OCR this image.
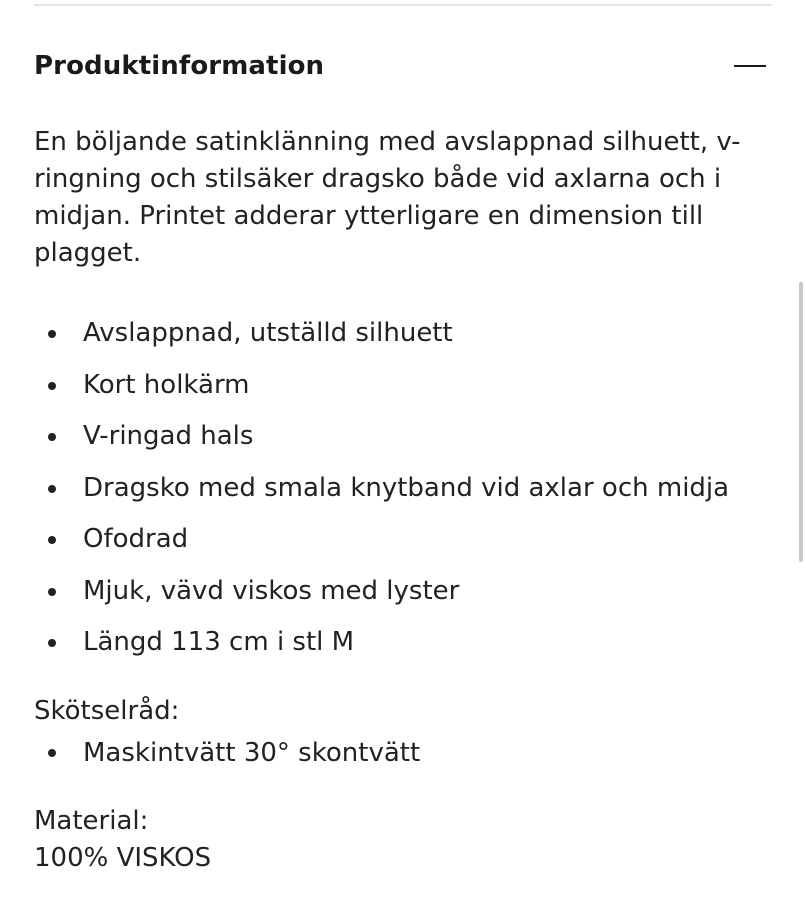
Produktinformation

En böljande satinklänning med avslappnad silhuett, v-ringning och stilsäker dragsko både vid axlarna och i midjan. Printet adderar ytterligare en dimension till plagget.

Avslappnad, utställd silhuett
Kort holkärm
V-ringad hals
Dragsko med smala knytband vid axlar och midja
Ofodrad
Mjuk, vävd viskos med lyster
Längd 113 cm i stl M
Skötselråd:
Maskintvätt 30° skontvätt
Material:
100% VISKOS
